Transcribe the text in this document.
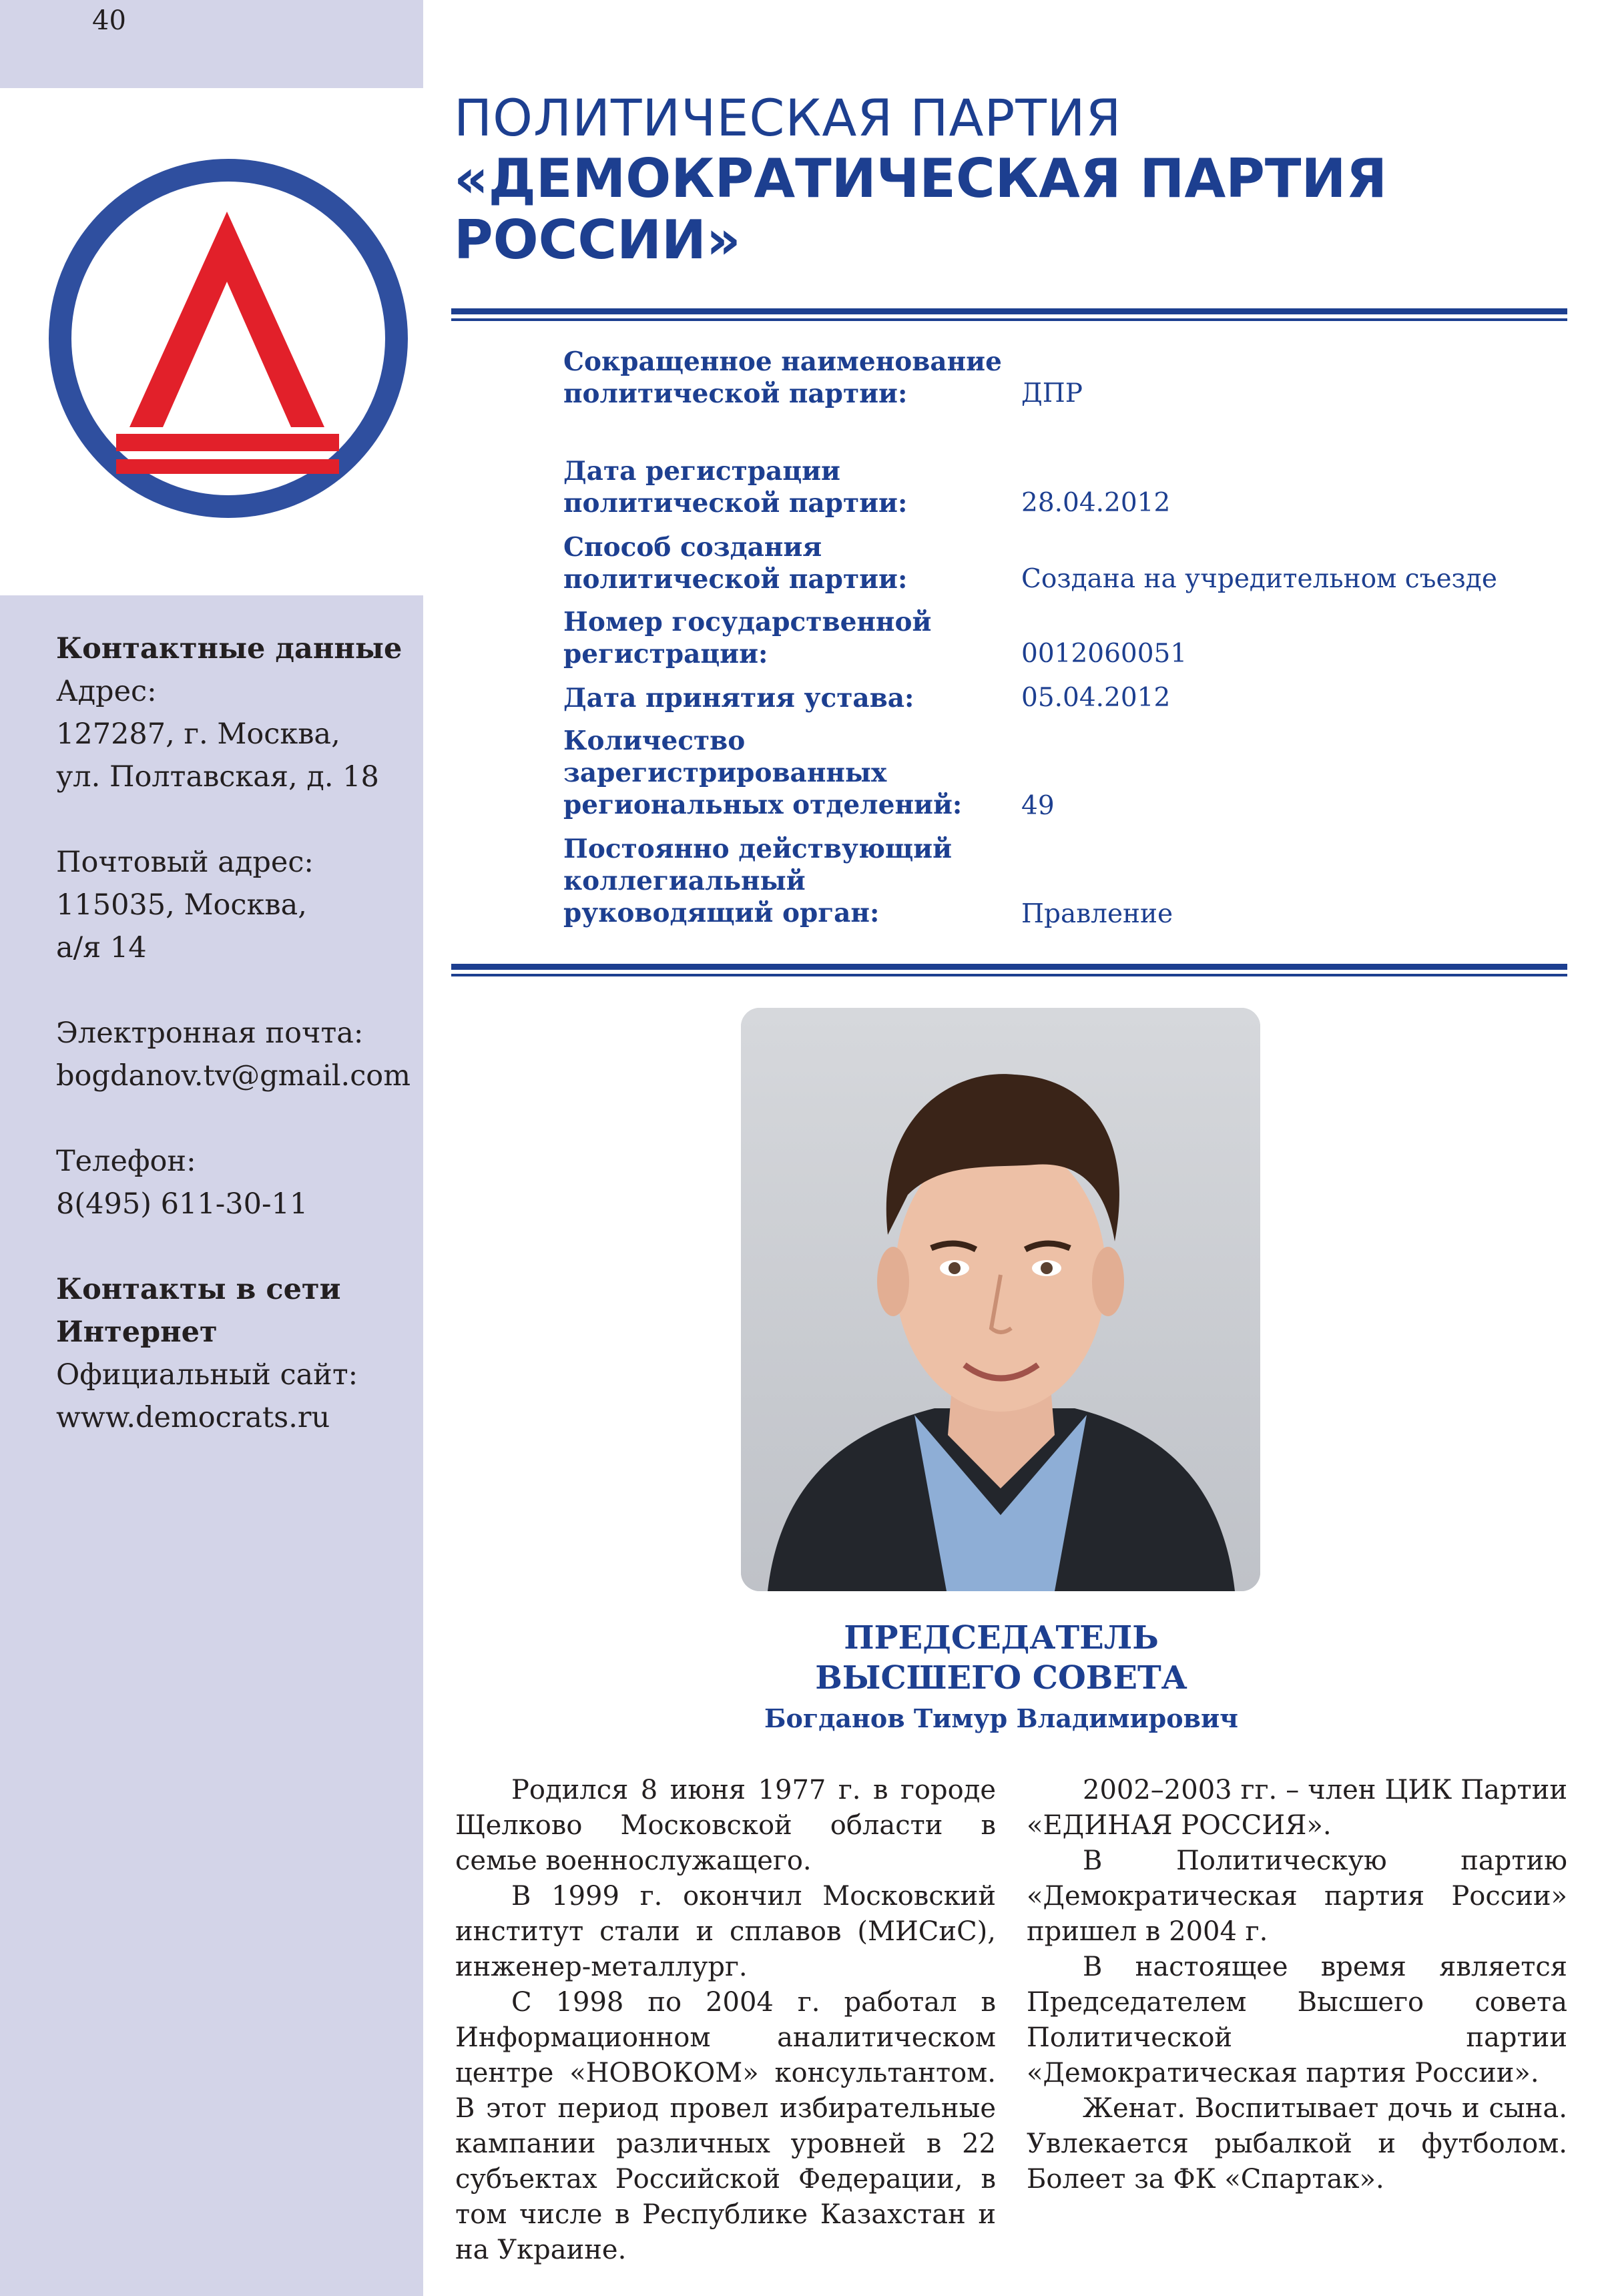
40
ПОЛИТИЧЕСКАЯ ПАРТИЯ
«ДЕМОКРАТИЧЕСКАЯ ПАРТИЯ
РОССИИ»
Сокращенное наименование политической партии:	ДПР
Дата регистрации политической партии:	28.04.2012
Способ создания политической партии:	Создана на учредительном съезде
Номер государственной регистрации:	0012060051
Дата принятия устава:	05.04.2012
Количество зарегистрированных региональных отделений:	49
Постоянно действующий коллегиальный руководящий орган:	Правление
Контактные данные
Адрес:
127287, г. Москва,
ул. Полтавская, д. 18
Почтовый адрес:
115035, Москва,
а/я 14
Электронная почта:
bogdanov.tv@gmail.com
Телефон:
8(495) 611-30-11
Контакты в сети
Интернет
Официальный сайт:
www.democrats.ru
ПРЕДСЕДАТЕЛЬ
ВЫСШЕГО СОВЕТА
Богданов Тимур Владимирович

Родился 8 июня 1977 г. в городе Щелково Московской области в семье военнослужащего.

В 1999 г. окончил Московский институт стали и сплавов (МИСиС), инженер-металлург.

С 1998 по 2004 г. работал в Информационном аналитическом центре «НОВОКОМ» консультантом. В этот период провел избирательные кампании различных уровней в 22 субъектах Российской Федерации, в том числе в Республике Казахстан и на Украине.

2002–2003 гг. – член ЦИК Партии «ЕДИНАЯ РОССИЯ».

В Политическую партию «Демократическая партия России» пришел в 2004 г.

В настоящее время является Председателем Высшего совета Политической партии «Демократическая партия России».

Женат. Воспитывает дочь и сына. Увлекается рыбалкой и футболом. Болеет за ФК «Спартак».
